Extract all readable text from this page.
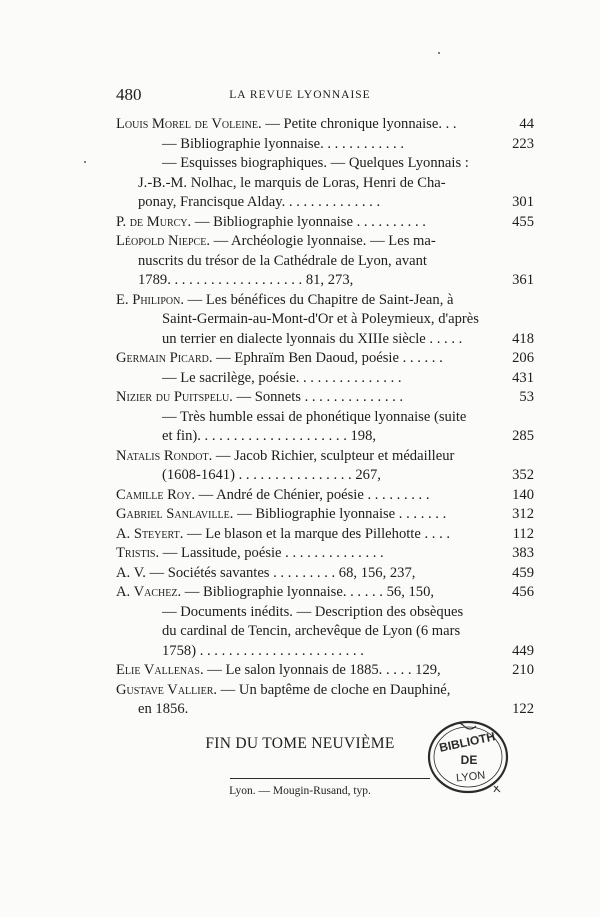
480	LA REVUE LYONNAISE
Louis Morel de Voleine. — Petite chronique lyonnaise. . .	44
— Bibliographie lyonnaise. . . . . . . . . . . .	223
— Esquisses biographiques. — Quelques Lyonnais :
J.-B.-M. Nolhac, le marquis de Loras, Henri de Cha-
ponay, Francisque Alday. . . . . . . . . . . . . .	301
P. de Murcy. — Bibliographie lyonnaise . . . . . . . . . .	455
Léopold Niepce. — Archéologie lyonnaise. — Les ma-
nuscrits du trésor de la Cathédrale de Lyon, avant
1789. . . . . . . . . . . . . . . . . . . 81, 273,	361
E. Philipon. — Les bénéfices du Chapitre de Saint-Jean, à
Saint-Germain-au-Mont-d'Or et à Poleymieux, d'après
un terrier en dialecte lyonnais du XIIIe siècle . . . . .	418
Germain Picard. — Ephraïm Ben Daoud, poésie . . . . . .	206
— Le sacrilège, poésie. . . . . . . . . . . . . . .	431
Nizier du Puitspelu. — Sonnets . . . . . . . . . . . . . .	53
— Très humble essai de phonétique lyonnaise (suite
et fin). . . . . . . . . . . . . . . . . . . . . 198,	285
Natalis Rondot. — Jacob Richier, sculpteur et médailleur
(1608-1641) . . . . . . . . . . . . . . . . 267,	352
Camille Roy. — André de Chénier, poésie . . . . . . . . .	140
Gabriel Sanlaville. — Bibliographie lyonnaise . . . . . . .	312
A. Steyert. — Le blason et la marque des Pillehotte . . . .	112
Tristis. — Lassitude, poésie . . . . . . . . . . . . . .	383
A. V. — Sociétés savantes . . . . . . . . . 68, 156, 237,	459
A. Vachez. — Bibliographie lyonnaise. . . . . . 56, 150,	456
— Documents inédits. — Description des obsèques
du cardinal de Tencin, archevêque de Lyon (6 mars
1758) . . . . . . . . . . . . . . . . . . . . . . .	449
Elie Vallenas. — Le salon lyonnais de 1885. . . . . 129,	210
Gustave Vallier. — Un baptême de cloche en Dauphiné,
en 1856.	122
FIN DU TOME NEUVIÈME	BIBLIOTH
DE
LYON
Lyon. — Mougin-Rusand, typ.
